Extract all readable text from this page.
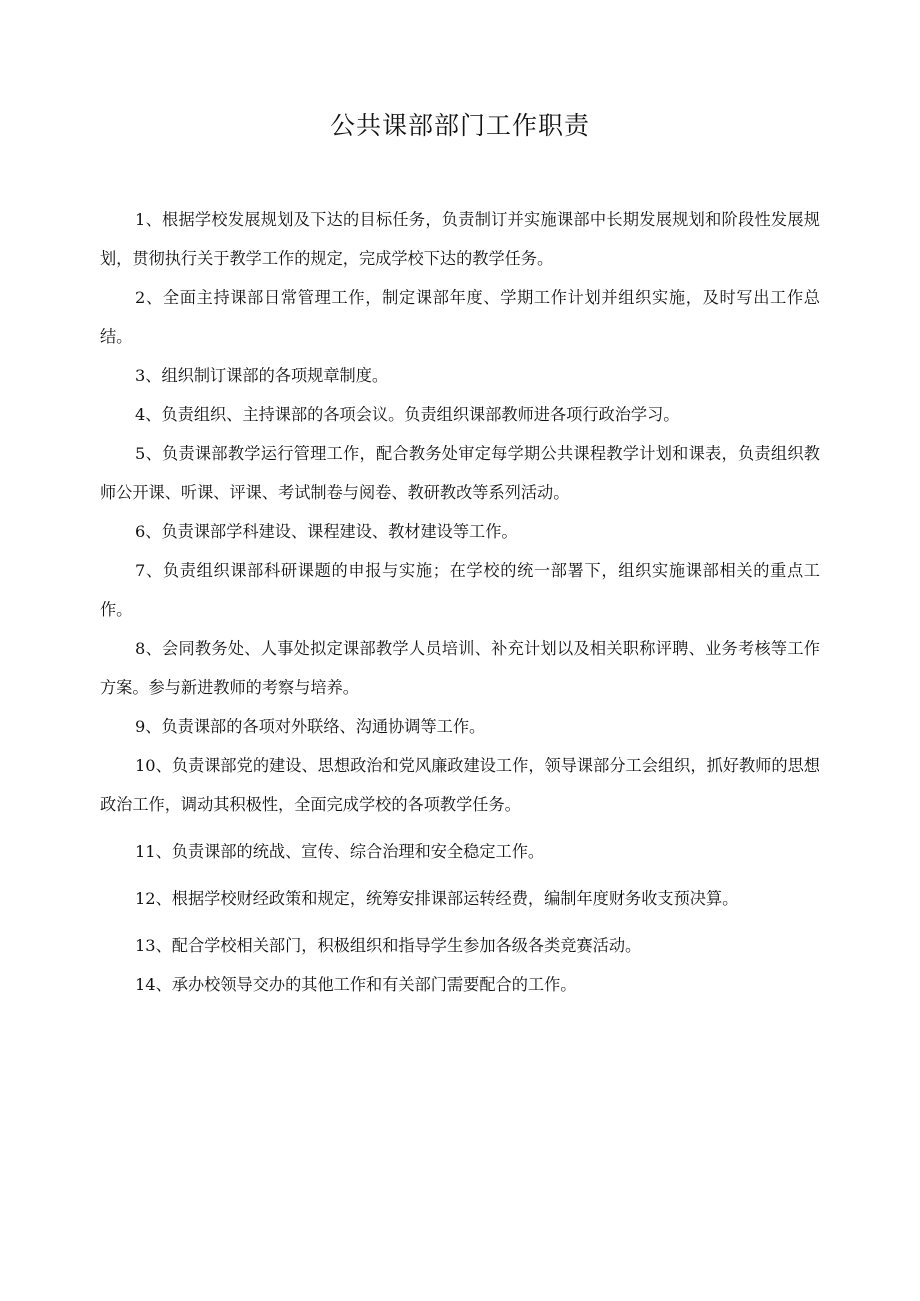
公共课部部门工作职责

1、根据学校发展规划及下达的目标任务，负责制订并实施课部中长期发展规划和阶段性发展规划，贯彻执行关于教学工作的规定，完成学校下达的教学任务。

2、全面主持课部日常管理工作，制定课部年度、学期工作计划并组织实施，及时写出工作总结。

3、组织制订课部的各项规章制度。

4、负责组织、主持课部的各项会议。负责组织课部教师进各项行政治学习。

5、负责课部教学运行管理工作，配合教务处审定每学期公共课程教学计划和课表，负责组织教师公开课、听课、评课、考试制卷与阅卷、教研教改等系列活动。

6、负责课部学科建设、课程建设、教材建设等工作。

7、负责组织课部科研课题的申报与实施；在学校的统一部署下，组织实施课部相关的重点工作。

8、会同教务处、人事处拟定课部教学人员培训、补充计划以及相关职称评聘、业务考核等工作方案。参与新进教师的考察与培养。

9、负责课部的各项对外联络、沟通协调等工作。

10、负责课部党的建设、思想政治和党风廉政建设工作，领导课部分工会组织，抓好教师的思想政治工作，调动其积极性，全面完成学校的各项教学任务。

11、负责课部的统战、宣传、综合治理和安全稳定工作。

12、根据学校财经政策和规定，统筹安排课部运转经费，编制年度财务收支预决算。

13、配合学校相关部门，积极组织和指导学生参加各级各类竞赛活动。

14、承办校领导交办的其他工作和有关部门需要配合的工作。
